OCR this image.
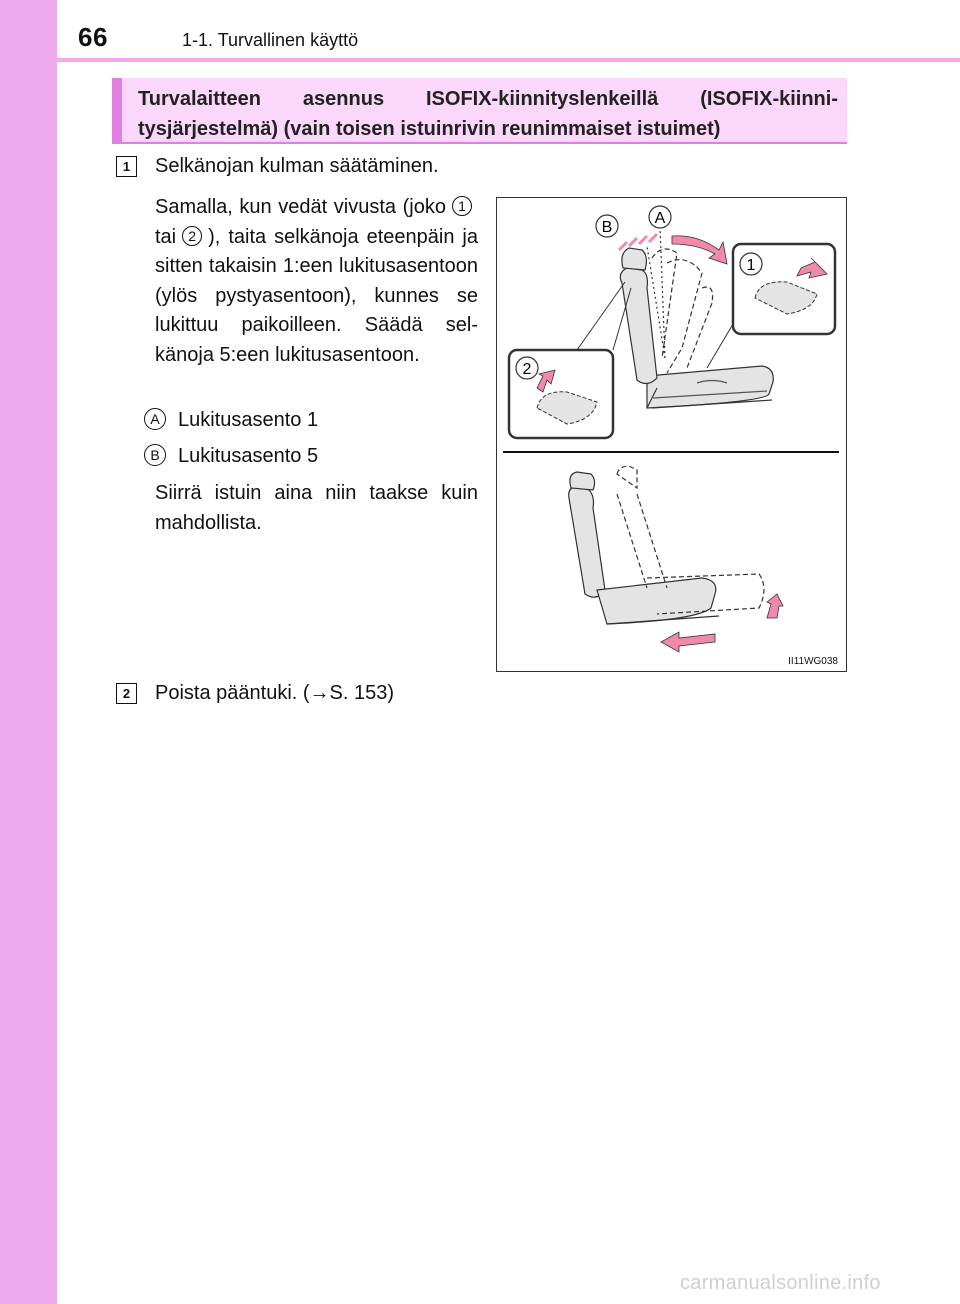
66	1-1. Turvallinen käyttö
Turvalaitteen asennus ISOFIX-kiinnityslenkeillä (ISOFIX-kiinni-tysjärjestelmä) (vain toisen istuinrivin reunimmaiset istuimet)
1	Selkänojan kulman säätäminen.
Samalla, kun vedät vivusta (joko 1tai 2 ), taita selkänoja eteenpäin ja sitten takaisin 1:een lukitusasentoon (ylös pystyasentoon), kunnes se lukittuu paikoilleen. Säädä sel-känoja 5:een lukitusasentoon.
A Lukitusasento 1
B Lukitusasento 5
Siirrä istuin aina niin taakse kuin mahdollista.
B
A
1
2
II11WG038
2	Poista pääntuki. (→S. 153)
carmanualsonline.info
